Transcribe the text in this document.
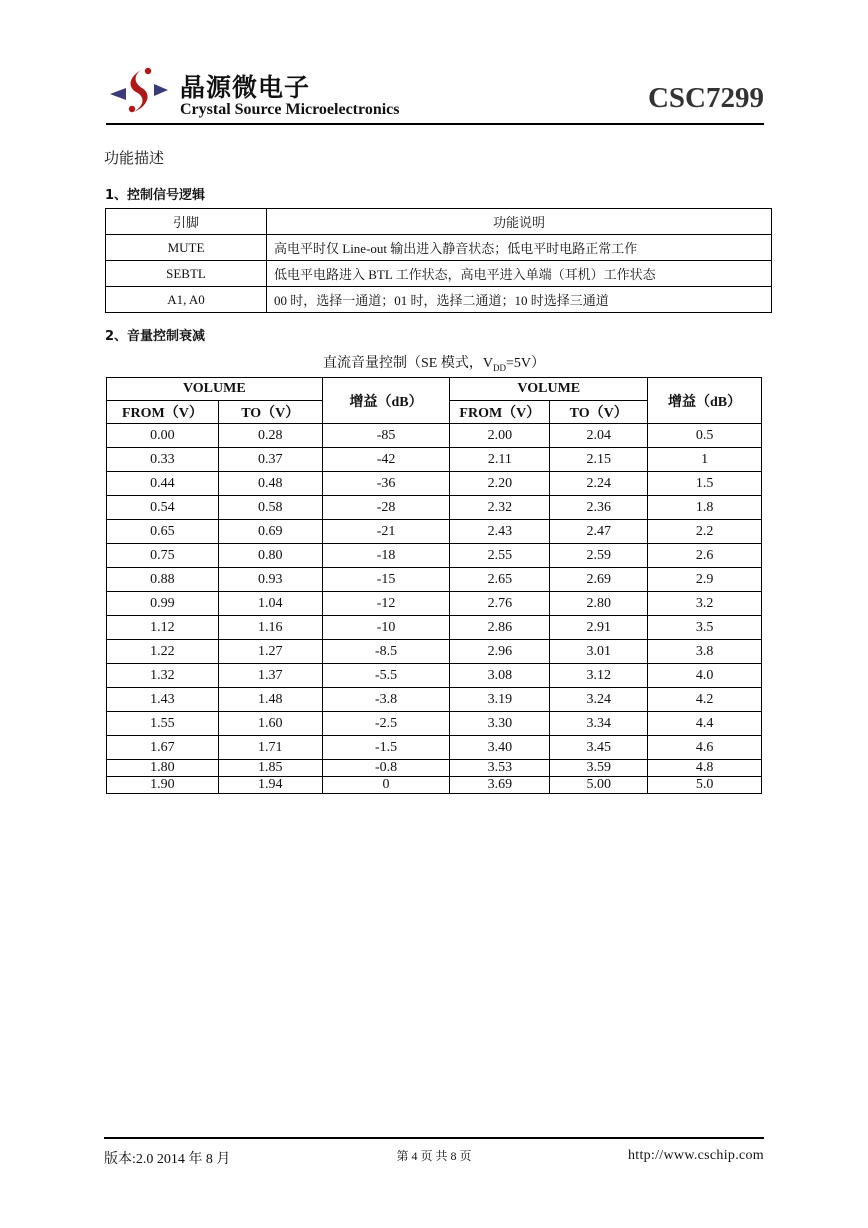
晶源微电子
Crystal Source Microelectronics	CSC7299
功能描述
1、控制信号逻辑
引脚	功能说明
MUTE	高电平时仅 Line-out 输出进入静音状态；低电平时电路正常工作
SEBTL	低电平电路进入 BTL 工作状态，高电平进入单端（耳机）工作状态
A1, A0	00 时，选择一通道；01 时，选择二通道；10 时选择三通道
2、音量控制衰减
直流音量控制（SE 模式，$V_{DD}=5V$）
VOLUME		增益（dB）	VOLUME		增益（dB）
FROM（V）	TO（V）		FROM（V）	TO（V）	
0.00	0.28	-85	2.00	2.04	0.5
0.33	0.37	-42	2.11	2.15	1
0.44	0.48	-36	2.20	2.24	1.5
0.54	0.58	-28	2.32	2.36	1.8
0.65	0.69	-21	2.43	2.47	2.2
0.75	0.80	-18	2.55	2.59	2.6
0.88	0.93	-15	2.65	2.69	2.9
0.99	1.04	-12	2.76	2.80	3.2
1.12	1.16	-10	2.86	2.91	3.5
1.22	1.27	-8.5	2.96	3.01	3.8
1.32	1.37	-5.5	3.08	3.12	4.0
1.43	1.48	-3.8	3.19	3.24	4.2
1.55	1.60	-2.5	3.30	3.34	4.4
1.67	1.71	-1.5	3.40	3.45	4.6
1.80	1.85	-0.8	3.53	3.59	4.8
1.90	1.94	0	3.69	5.00	5.0
版本:2.0 2014 年 8 月	第 4 页 共 8 页	http://www.cschip.com
